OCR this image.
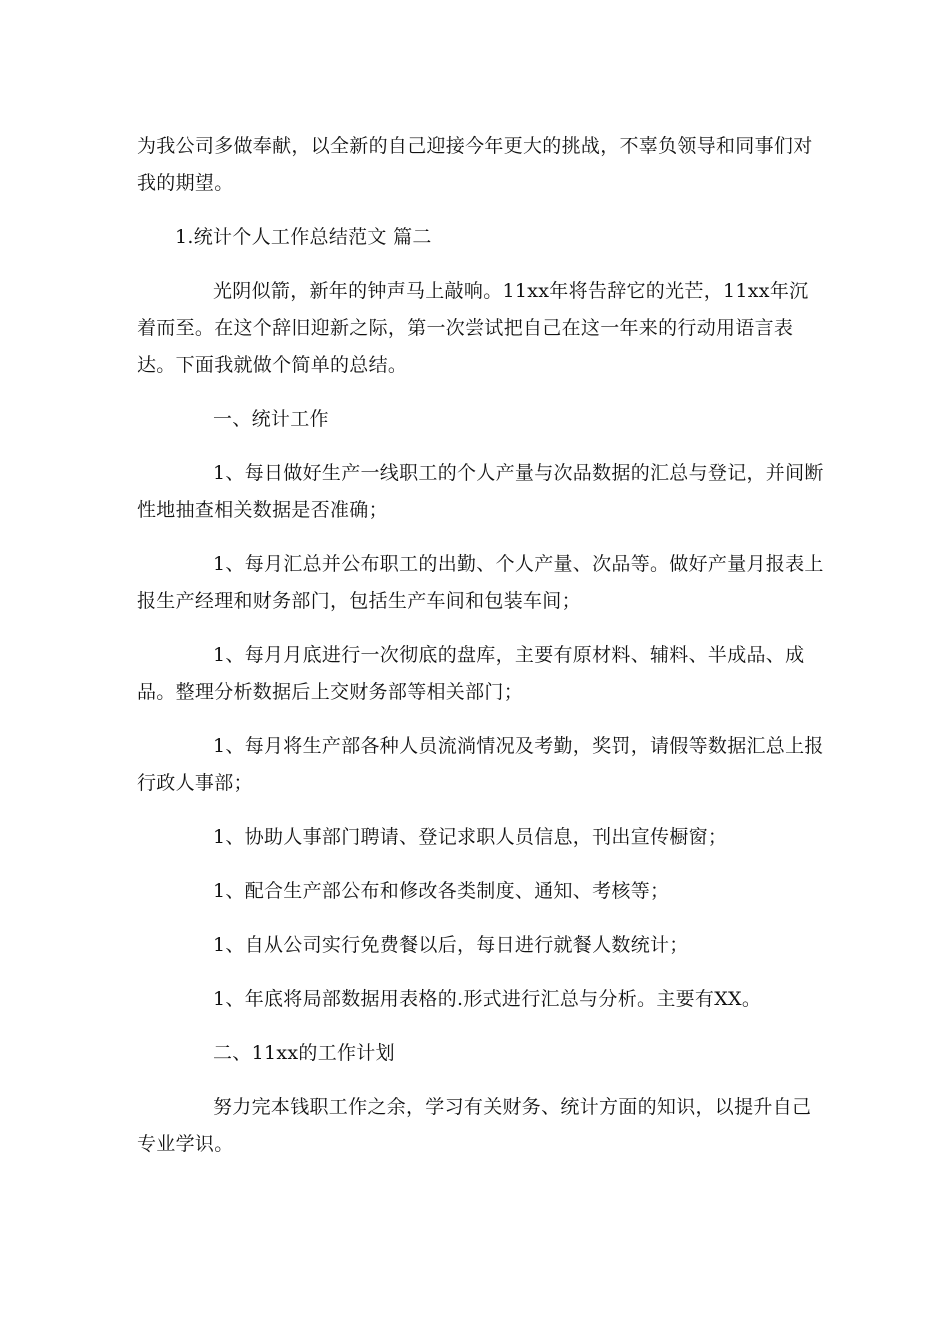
为我公司多做奉献，以全新的自己迎接今年更大的挑战，不辜负领导和同事们对我的期望。

1.统计个人工作总结范文 篇二

光阴似箭，新年的钟声马上敲响。11xx年将告辞它的光芒，11xx年沉着而至。在这个辞旧迎新之际，第一次尝试把自己在这一年来的行动用语言表达。下面我就做个简单的总结。

一、统计工作

1、每日做好生产一线职工的个人产量与次品数据的汇总与登记，并间断性地抽查相关数据是否准确；

1、每月汇总并公布职工的出勤、个人产量、次品等。做好产量月报表上报生产经理和财务部门，包括生产车间和包装车间；

1、每月月底进行一次彻底的盘库，主要有原材料、辅料、半成品、成品。整理分析数据后上交财务部等相关部门；

1、每月将生产部各种人员流淌情况及考勤，奖罚，请假等数据汇总上报行政人事部；

1、协助人事部门聘请、登记求职人员信息，刊出宣传橱窗；

1、配合生产部公布和修改各类制度、通知、考核等；

1、自从公司实行免费餐以后，每日进行就餐人数统计；

1、年底将局部数据用表格的.形式进行汇总与分析。主要有XX。

二、11xx的工作计划

努力完本钱职工作之余，学习有关财务、统计方面的知识，以提升自己专业学识。
